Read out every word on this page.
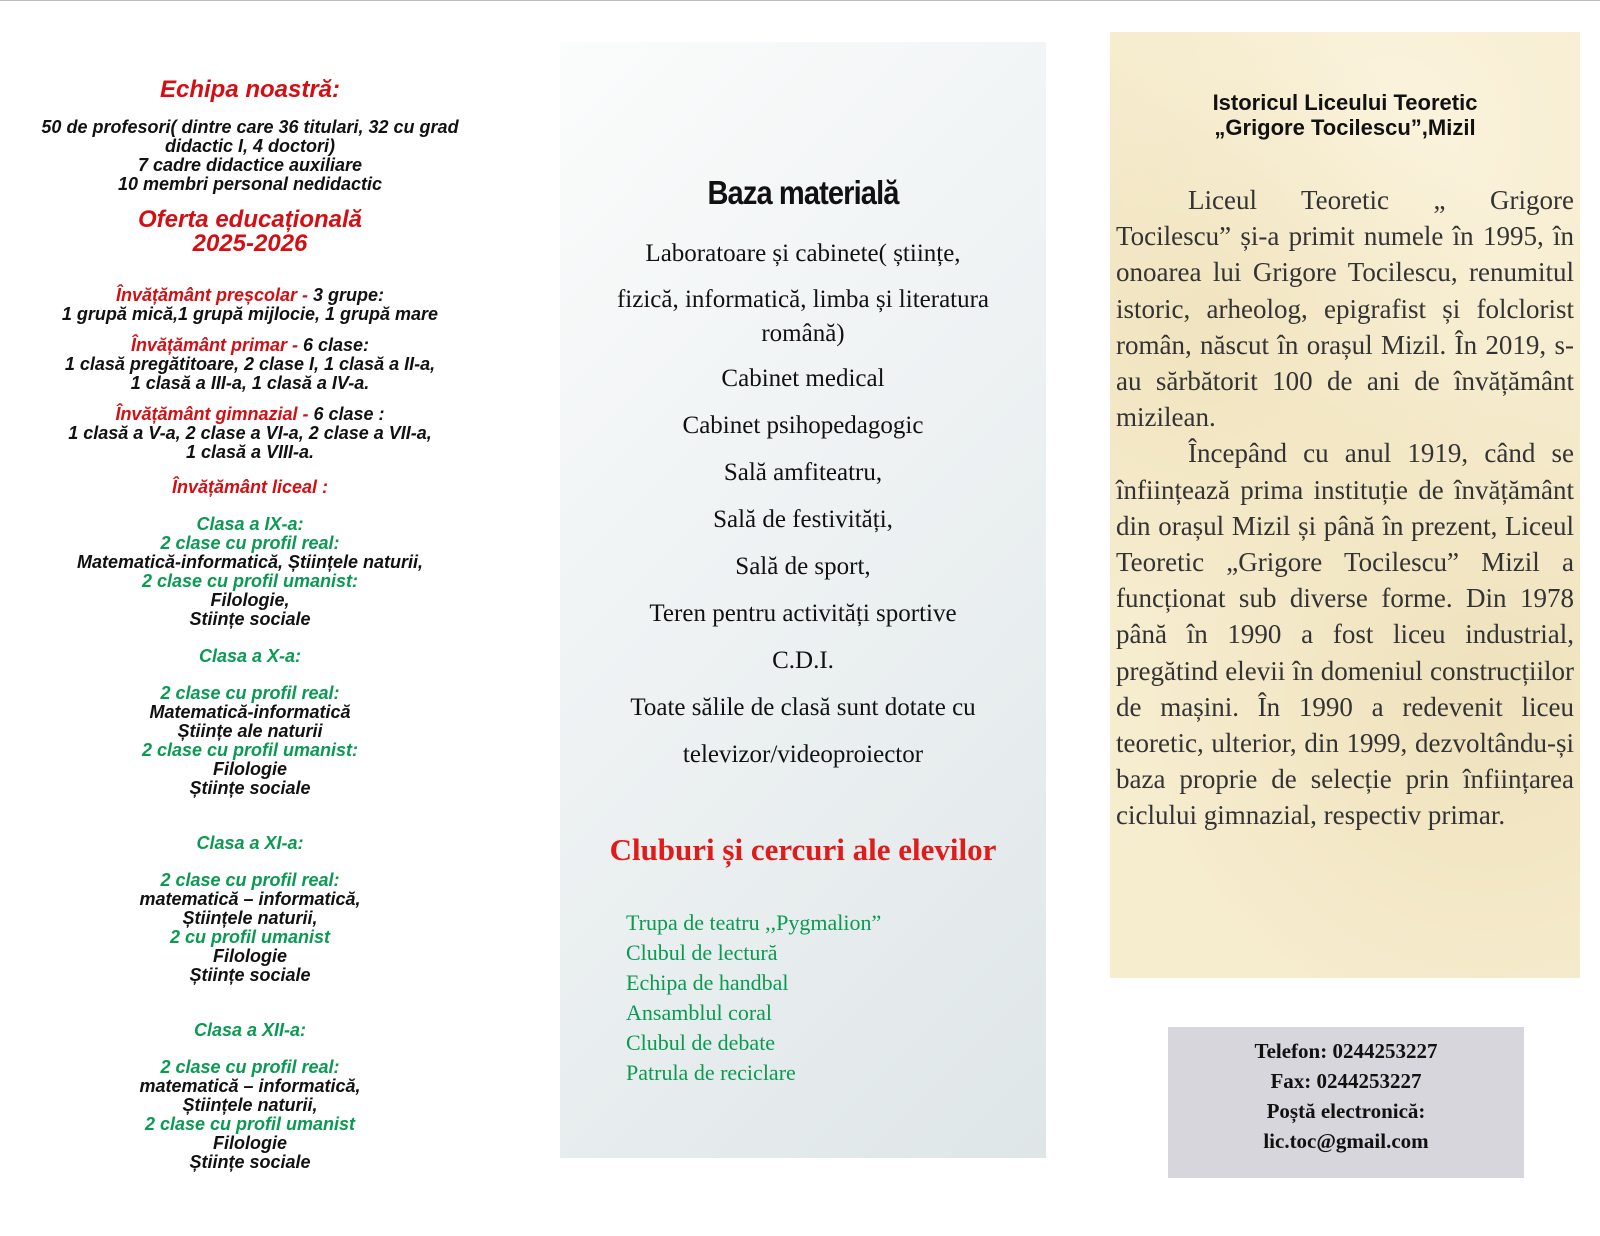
Echipa noastră:
50 de profesori( dintre care 36 titulari, 32 cu grad
didactic I, 4 doctori)
7 cadre didactice auxiliare
10 membri personal nedidactic
Oferta educațională
2025-2026
Învățământ preșcolar - 3 grupe:
1 grupă mică,1 grupă mijlocie, 1 grupă mare
Învățământ primar - 6 clase:
1 clasă pregătitoare, 2 clase I, 1 clasă a II-a,
1 clasă a III-a, 1 clasă a IV-a.
Învățământ gimnazial - 6 clase :
1 clasă a V-a, 2 clase a VI-a, 2 clase a VII-a,
1 clasă a VIII-a.
Învățământ liceal :
Clasa a IX-a:
2 clase cu profil real:
Matematică-informatică, Științele naturii,
2 clase cu profil umanist:
Filologie,
Stiințe sociale
Clasa a X-a:
2 clase cu profil real:
Matematică-informatică
Științe ale naturii
2 clase cu profil umanist:
Filologie
Științe sociale
Clasa a XI-a:
2 clase cu profil real:
matematică – informatică,
Științele naturii,
2 cu profil umanist
Filologie
Științe sociale
Clasa a XII-a:
2 clase cu profil real:
matematică – informatică,
Științele naturii,
2 clase cu profil umanist
Filologie
Științe sociale
Baza materială
Laboratoare și cabinete( științe,
fizică, informatică, limba și literatura română)
Cabinet medical
Cabinet psihopedagogic
Sală amfiteatru,
Sală de festivități,
Sală de sport,
Teren pentru activități sportive
C.D.I.
Toate sălile de clasă sunt dotate cu
televizor/videoproiector
Cluburi și cercuri ale elevilor
Trupa de teatru ,,Pygmalion”
Clubul de lectură
Echipa de handbal
Ansamblul coral
Clubul de debate
Patrula de reciclare
Istoricul Liceului Teoretic
„Grigore Tocilescu”,Mizil

Liceul Teoretic „ Grigore Tocilescu” și-a primit numele în 1995, în onoarea lui Grigore Tocilescu, renumitul istoric, arheolog, epigrafist și folclorist român, născut în orașul Mizil. În 2019, s-au sărbătorit 100 de ani de învățământ mizilean.

Începând cu anul 1919, când se înființează prima instituție de învățământ din orașul Mizil și până în prezent, Liceul Teoretic „Grigore Tocilescu” Mizil a funcționat sub diverse forme. Din 1978 până în 1990 a fost liceu industrial, pregătind elevii în domeniul construcțiilor de mașini. În 1990 a redevenit liceu teoretic, ulterior, din 1999, dezvoltându-și baza proprie de selecție prin înființarea ciclului gimnazial, respectiv primar.

Telefon: 0244253227
Fax: 0244253227
Poștă electronică:
lic.toc@gmail.com
